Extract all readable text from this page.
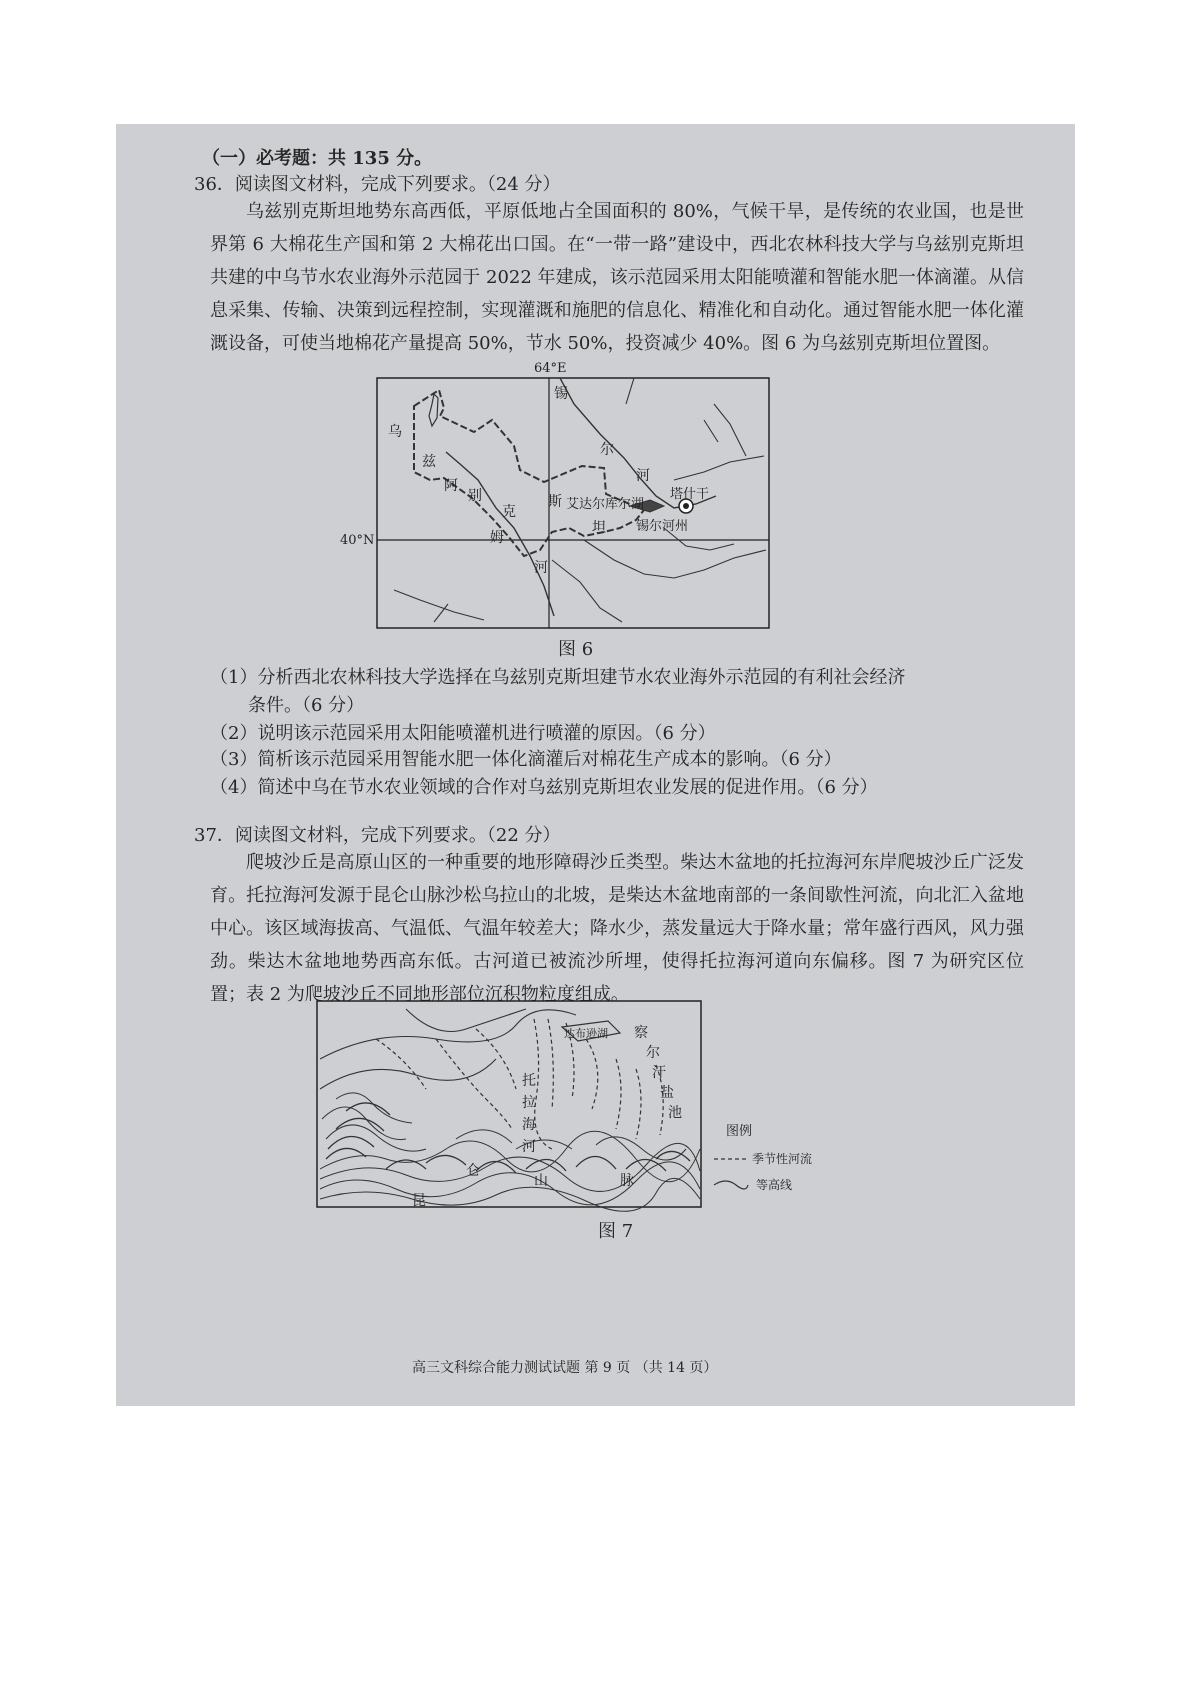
（一）必考题：共 135 分。
36．阅读图文材料，完成下列要求。（24 分）
乌兹别克斯坦地势东高西低，平原低地占全国面积的 80%，气候干旱，是传统的农业国，也是世界第 6 大棉花生产国和第 2 大棉花出口国。在“一带一路”建设中，西北农林科技大学与乌兹别克斯坦共建的中乌节水农业海外示范园于 2022 年建成，该示范园采用太阳能喷灌和智能水肥一体滴灌。从信息采集、传输、决策到远程控制，实现灌溉和施肥的信息化、精准化和自动化。通过智能水肥一体化灌溉设备，可使当地棉花产量提高 50%，节水 50%，投资减少 40%。图 6 为乌兹别克斯坦位置图。
64°E
40°N
乌
兹
别
克
斯
坦
阿
姆
河
锡
尔
河
艾达尔库尔湖
塔什干
锡尔河州
图 6
（1）分析西北农林科技大学选择在乌兹别克斯坦建节水农业海外示范园的有利社会经济
条件。（6 分）
（2）说明该示范园采用太阳能喷灌机进行喷灌的原因。（6 分）
（3）简析该示范园采用智能水肥一体化滴灌后对棉花生产成本的影响。（6 分）
（4）简述中乌在节水农业领域的合作对乌兹别克斯坦农业发展的促进作用。（6 分）
37．阅读图文材料，完成下列要求。（22 分）
爬坡沙丘是高原山区的一种重要的地形障碍沙丘类型。柴达木盆地的托拉海河东岸爬坡沙丘广泛发育。托拉海河发源于昆仑山脉沙松乌拉山的北坡，是柴达木盆地南部的一条间歇性河流，向北汇入盆地中心。该区域海拔高、气温低、气温年较差大；降水少，蒸发量远大于降水量；常年盛行西风，风力强劲。柴达木盆地地势西高东低。古河道已被流沙所埋，使得托拉海河道向东偏移。图 7 为研究区位置；表 2 为爬坡沙丘不同地形部位沉积物粒度组成。
达布逊湖 察
尔
汗
盐
池
托
拉
海
河
昆
仑
山	脉
图例
季节性河流
等高线
图 7
高三文科综合能力测试试题 第 9 页 （共 14 页）
